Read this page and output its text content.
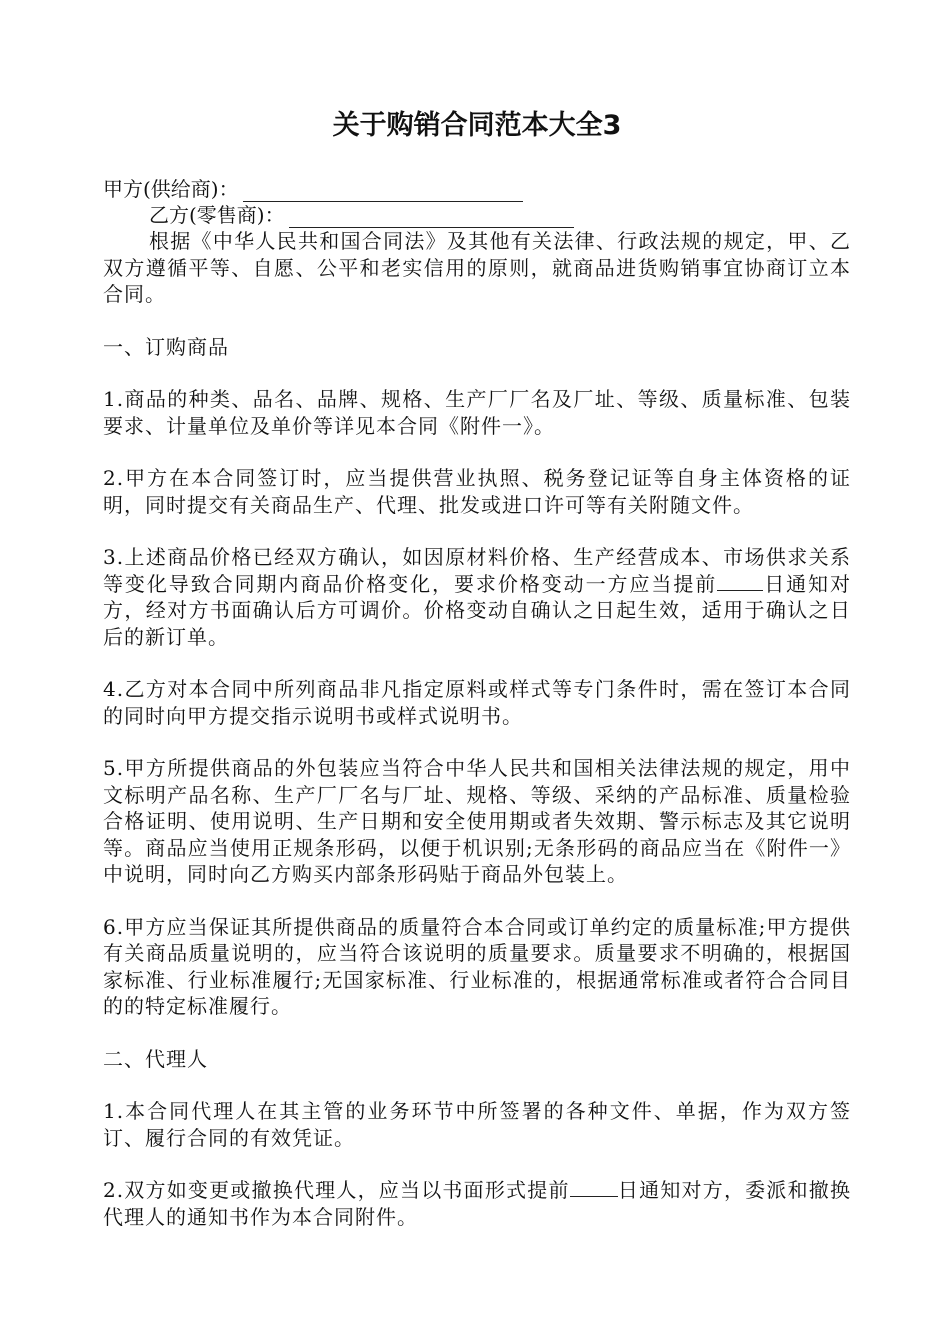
关于购销合同范本大全3
甲方(供给商)：
乙方(零售商)：

根据《中华人民共和国合同法》及其他有关法律、行政法规的规定，甲、乙双方遵循平等、自愿、公平和老实信用的原则，就商品进货购销事宜协商订立本合同。

一、订购商品

1.商品的种类、品名、品牌、规格、生产厂厂名及厂址、等级、质量标准、包装要求、计量单位及单价等详见本合同《附件一》。

2.甲方在本合同签订时，应当提供营业执照、税务登记证等自身主体资格的证明，同时提交有关商品生产、代理、批发或进口许可等有关附随文件。

3.上述商品价格已经双方确认，如因原材料价格、生产经营成本、市场供求关系等变化导致合同期内商品价格变化，要求价格变动一方应当提前 日通知对方，经对方书面确认后方可调价。价格变动自确认之日起生效，适用于确认之日后的新订单。

4.乙方对本合同中所列商品非凡指定原料或样式等专门条件时，需在签订本合同的同时向甲方提交指示说明书或样式说明书。

5.甲方所提供商品的外包装应当符合中华人民共和国相关法律法规的规定，用中文标明产品名称、生产厂厂名与厂址、规格、等级、采纳的产品标准、质量检验合格证明、使用说明、生产日期和安全使用期或者失效期、警示标志及其它说明等。商品应当使用正规条形码，以便于机识别;无条形码的商品应当在《附件一》中说明，同时向乙方购买内部条形码贴于商品外包装上。

6.甲方应当保证其所提供商品的质量符合本合同或订单约定的质量标准;甲方提供有关商品质量说明的，应当符合该说明的质量要求。质量要求不明确的，根据国家标准、行业标准履行;无国家标准、行业标准的，根据通常标准或者符合合同目的的特定标准履行。

二、代理人

1.本合同代理人在其主管的业务环节中所签署的各种文件、单据，作为双方签订、履行合同的有效凭证。

2.双方如变更或撤换代理人，应当以书面形式提前 日通知对方，委派和撤换代理人的通知书作为本合同附件。
